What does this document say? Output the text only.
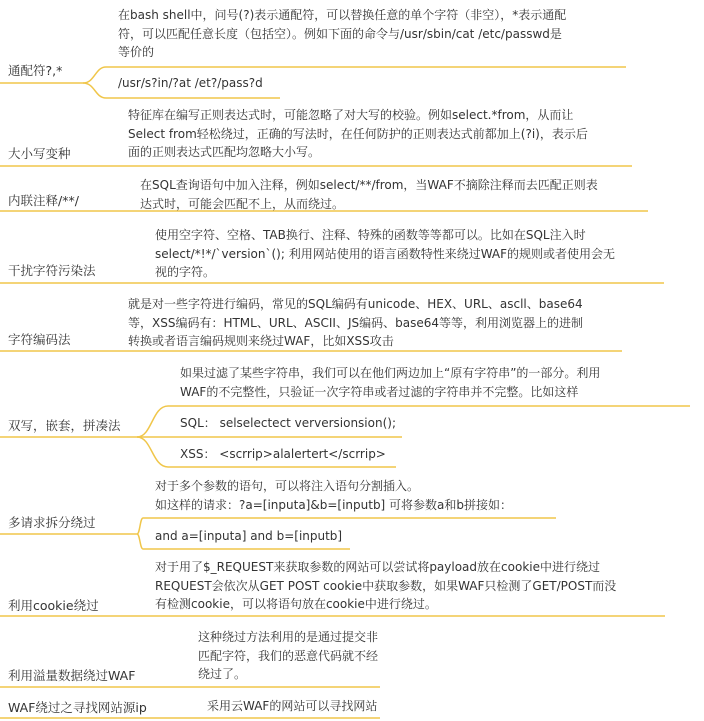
通配符?,*
大小写变种
内联注释/**/
干扰字符污染法
字符编码法
双写，嵌套，拼凑法
多请求拆分绕过
利用cookie绕过
利用溢量数据绕过WAF
WAF绕过之寻找网站源ip
在bash shell中，问号(?)表示通配符，可以替换任意的单个字符（非空），*表示通配
符，可以匹配任意长度（包括空）。例如下面的命令与/usr/sbin/cat /etc/passwd是
等价的
/usr/s?in/?at /et?/pass?d
特征库在编写正则表达式时，可能忽略了对大写的校验。例如select.*from，从而让
Select from轻松绕过，正确的写法时，在任何防护的正则表达式前都加上(?i)，表示后
面的正则表达式匹配均忽略大小写。
在SQL查询语句中加入注释，例如select/**/from，当WAF不摘除注释而去匹配正则表
达式时，可能会匹配不上，从而绕过。
使用空字符、空格、TAB换行、注释、特殊的函数等等都可以。比如在SQL注入时
select/*!*/`version`(); 利用网站使用的语言函数特性来绕过WAF的规则或者使用会无
视的字符。
就是对一些字符进行编码，常见的SQL编码有unicode、HEX、URL、ascll、base64
等，XSS编码有：HTML、URL、ASCII、JS编码、base64等等，利用浏览器上的进制
转换或者语言编码规则来绕过WAF，比如XSS攻击
如果过滤了某些字符串，我们可以在他们两边加上“原有字符串”的一部分。利用
WAF的不完整性，只验证一次字符串或者过滤的字符串并不完整。比如这样
SQL： selselectect verversionsion();
XSS： <scrrip>alalertert</scrrip>
对于多个参数的语句，可以将注入语句分割插入。
如这样的请求：?a=[inputa]&b=[inputb] 可将参数a和b拼接如：
and a=[inputa] and b=[inputb]
对于用了$_REQUEST来获取参数的网站可以尝试将payload放在cookie中进行绕过
REQUEST会依次从GET POST cookie中获取参数，如果WAF只检测了GET/POST而没
有检测cookie，可以将语句放在cookie中进行绕过。
这种绕过方法利用的是通过提交非
匹配字符，我们的恶意代码就不经
绕过了。
采用云WAF的网站可以寻找网站
